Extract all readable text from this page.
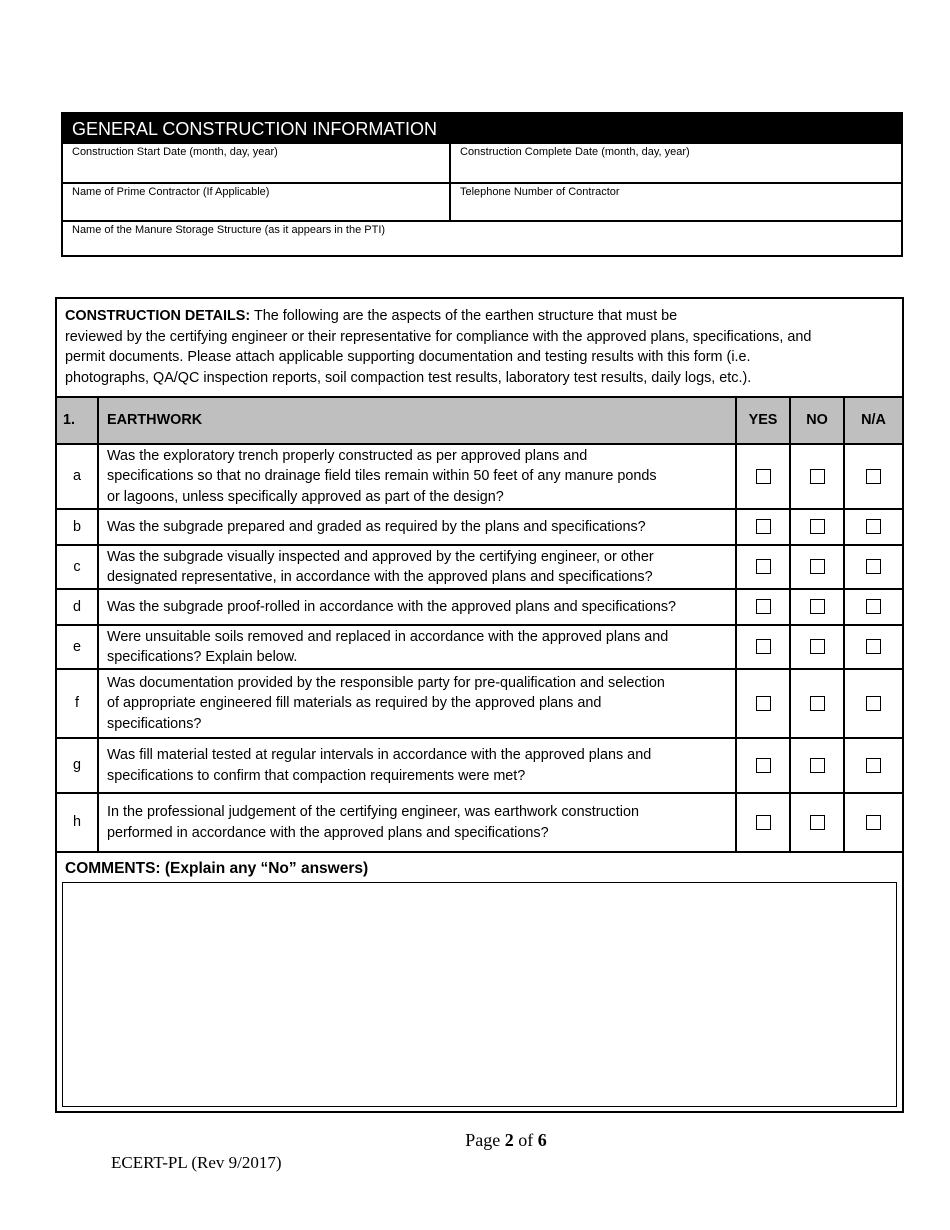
GENERAL CONSTRUCTION INFORMATION
Construction Start Date (month, day, year)	Construction Complete Date (month, day, year)
Name of Prime Contractor (If Applicable)	Telephone Number of Contractor
Name of the Manure Storage Structure (as it appears in the PTI)
CONSTRUCTION DETAILS: The following are the aspects of the earthen structure that must be
reviewed by the certifying engineer or their representative for compliance with the approved plans, specifications, and
permit documents. Please attach applicable supporting documentation and testing results with this form (i.e.
photographs, QA/QC inspection reports, soil compaction test results, laboratory test results, daily logs, etc.).
1.	EARTHWORK	YES	NO	N/A
a	Was the exploratory trench properly constructed as per approved plans and
specifications so that no drainage field tiles remain within 50 feet of any manure ponds
or lagoons, unless specifically approved as part of the design?			
b	Was the subgrade prepared and graded as required by the plans and specifications?			
c	Was the subgrade visually inspected and approved by the certifying engineer, or other
designated representative, in accordance with the approved plans and specifications?			
d	Was the subgrade proof-rolled in accordance with the approved plans and specifications?			
e	Were unsuitable soils removed and replaced in accordance with the approved plans and
specifications? Explain below.			
f	Was documentation provided by the responsible party for pre-qualification and selection
of appropriate engineered fill materials as required by the approved plans and
specifications?			
g	Was fill material tested at regular intervals in accordance with the approved plans and
specifications to confirm that compaction requirements were met?			
h	In the professional judgement of the certifying engineer, was earthwork construction
performed in accordance with the approved plans and specifications?			
COMMENTS: (Explain any “No” answers)
Page 2 of 6
ECERT-PL (Rev 9/2017)
